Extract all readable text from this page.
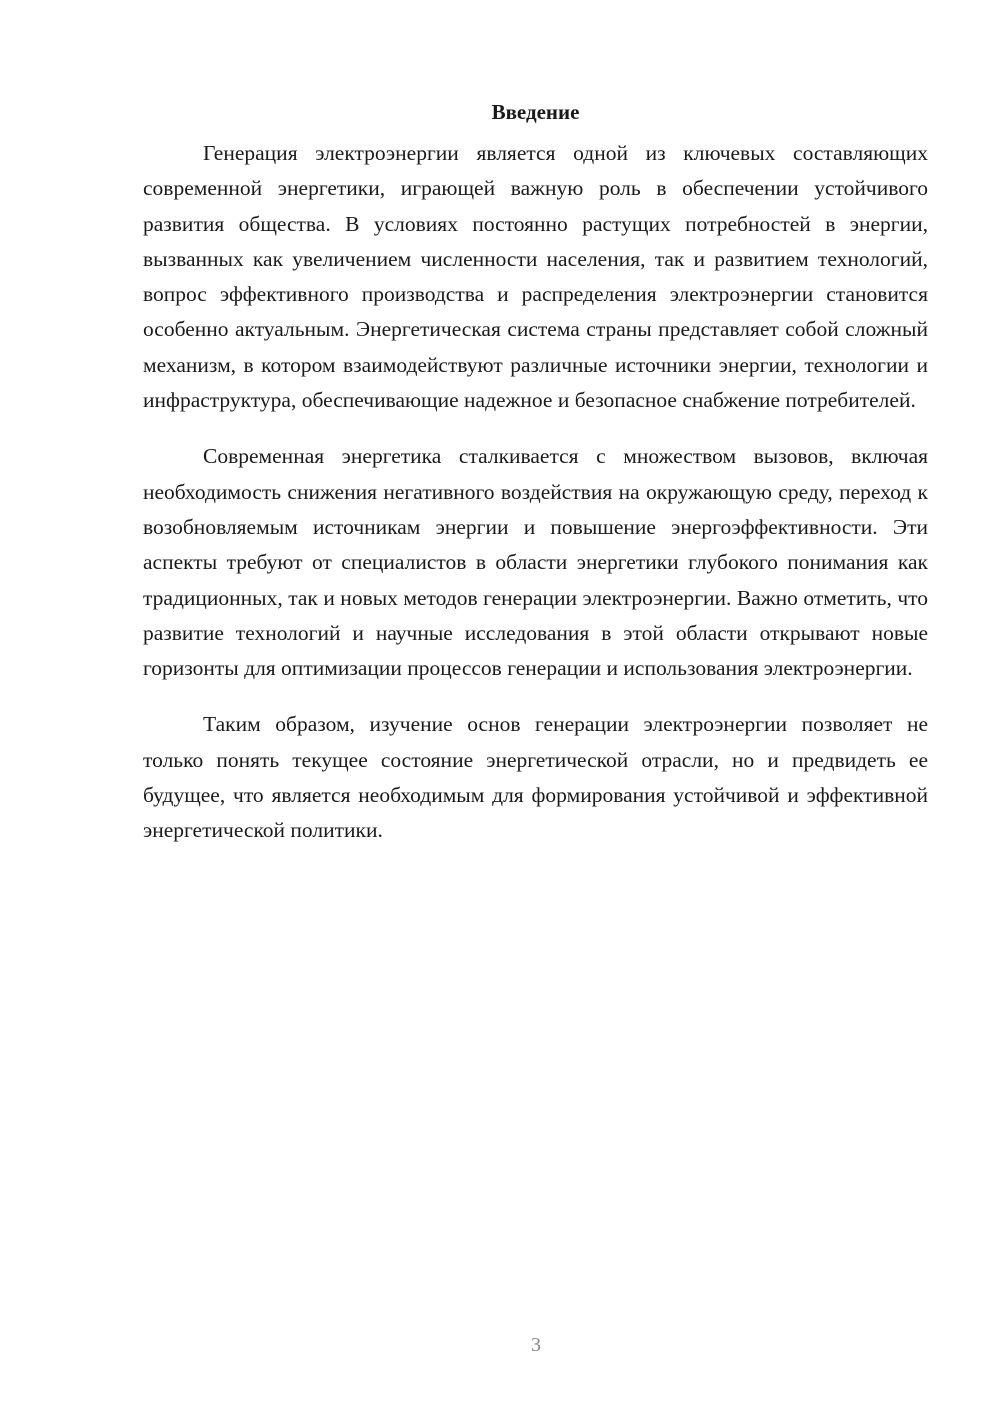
Введение

Генерация электроэнергии является одной из ключевых составляющих современной энергетики, играющей важную роль в обеспечении устойчивого развития общества. В условиях постоянно растущих потребностей в энергии, вызванных как увеличением численности населения, так и развитием технологий, вопрос эффективного производства и распределения электроэнергии становится особенно актуальным. Энергетическая система страны представляет собой сложный механизм, в котором взаимодействуют различные источники энергии, технологии и инфраструктура, обеспечивающие надежное и безопасное снабжение потребителей.

Современная энергетика сталкивается с множеством вызовов, включая необходимость снижения негативного воздействия на окружающую среду, переход к возобновляемым источникам энергии и повышение энергоэффективности. Эти аспекты требуют от специалистов в области энергетики глубокого понимания как традиционных, так и новых методов генерации электроэнергии. Важно отметить, что развитие технологий и научные исследования в этой области открывают новые горизонты для оптимизации процессов генерации и использования электроэнергии.

Таким образом, изучение основ генерации электроэнергии позволяет не только понять текущее состояние энергетической отрасли, но и предвидеть ее будущее, что является необходимым для формирования устойчивой и эффективной энергетической политики.

3
